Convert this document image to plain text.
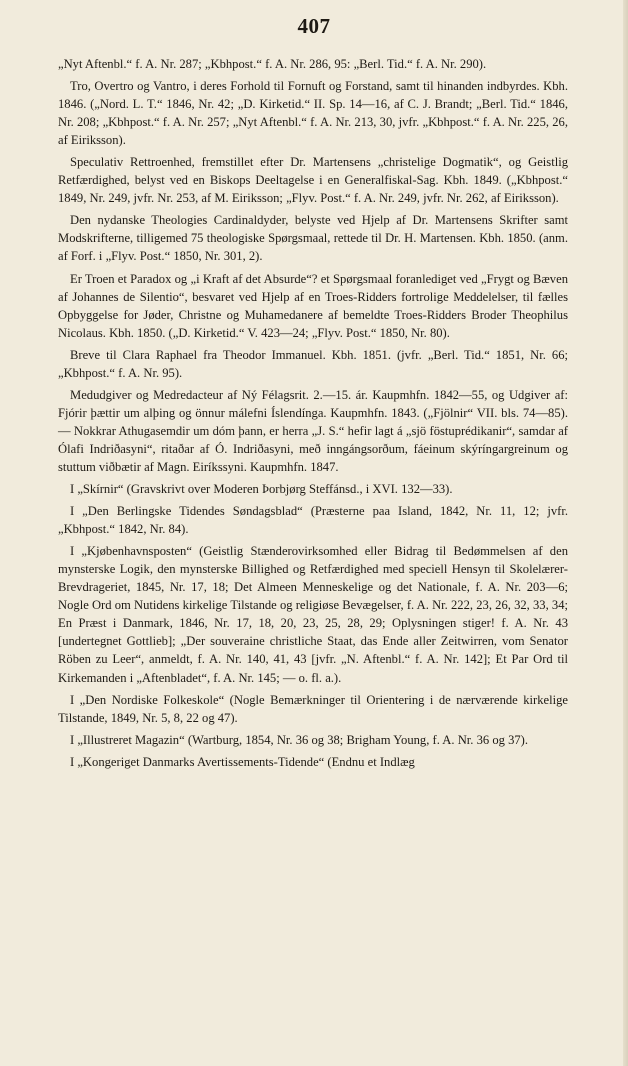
407

„Nyt Aftenbl.“ f. A. Nr. 287; „Kbhpost.“ f. A. Nr. 286, 95: „Berl. Tid.“ f. A. Nr. 290).

Tro, Overtro og Vantro, i deres Forhold til Fornuft og Forstand, samt til hinanden indbyrdes. Kbh. 1846. („Nord. L. T.“ 1846, Nr. 42; „D. Kirketid.“ II. Sp. 14—16, af C. J. Brandt; „Berl. Tid.“ 1846, Nr. 208; „Kbhpost.“ f. A. Nr. 257; „Nyt Aftenbl.“ f. A. Nr. 213, 30, jvfr. „Kbhpost.“ f. A. Nr. 225, 26, af Eiriksson).

Speculativ Rettroenhed, fremstillet efter Dr. Martensens „christelige Dogmatik“, og Geistlig Retfærdighed, belyst ved en Biskops Deeltagelse i en Generalfiskal-Sag. Kbh. 1849. („Kbhpost.“ 1849, Nr. 249, jvfr. Nr. 253, af M. Eiriksson; „Flyv. Post.“ f. A. Nr. 249, jvfr. Nr. 262, af Eiriksson).

Den nydanske Theologies Cardinaldyder, belyste ved Hjelp af Dr. Martensens Skrifter samt Modskrifterne, tilligemed 75 theologiske Spørgsmaal, rettede til Dr. H. Martensen. Kbh. 1850. (anm. af Forf. i „Flyv. Post.“ 1850, Nr. 301, 2).

Er Troen et Paradox og „i Kraft af det Absurde“? et Spørgsmaal foranlediget ved „Frygt og Bæven af Johannes de Silentio“, besvaret ved Hjelp af en Troes-Ridders fortrolige Meddelelser, til fælles Opbyggelse for Jøder, Christne og Muhamedanere af bemeldte Troes-Ridders Broder Theophilus Nicolaus. Kbh. 1850. („D. Kirketid.“ V. 423—24; „Flyv. Post.“ 1850, Nr. 80).

Breve til Clara Raphael fra Theodor Immanuel. Kbh. 1851. (jvfr. „Berl. Tid.“ 1851, Nr. 66; „Kbhpost.“ f. A. Nr. 95).

Medudgiver og Medredacteur af Ný Félagsrit. 2.—15. ár. Kaupmhfn. 1842—55, og Udgiver af: Fjórir þættir um alþing og önnur málefni Íslendínga. Kaupmhfn. 1843. („Fjölnir“ VII. bls. 74—85). — Nokkrar Athugasemdir um dóm þann, er herra „J. S.“ hefir lagt á „sjö föstuprédikanir“, samdar af Ólafi Indriðasyni“, ritaðar af Ó. Indriðasyni, með inngángsorðum, fáeinum skýríngargreinum og stuttum viðbætir af Magn. Eiríkssyni. Kaupmhfn. 1847.

I „Skírnir“ (Gravskrivt over Moderen Þorbjørg Steffánsd., i XVI. 132—33).

I „Den Berlingske Tidendes Søndagsblad“ (Præsterne paa Island, 1842, Nr. 11, 12; jvfr. „Kbhpost.“ 1842, Nr. 84).

I „Kjøbenhavnsposten“ (Geistlig Stænderovirksomhed eller Bidrag til Bedømmelsen af den mynsterske Logik, den mynsterske Billighed og Retfærdighed med speciell Hensyn til Skolelærer-Brevdrageriet, 1845, Nr. 17, 18; Det Almeen Menneskelige og det Nationale, f. A. Nr. 203—6; Nogle Ord om Nutidens kirkelige Tilstande og religiøse Bevægelser, f. A. Nr. 222, 23, 26, 32, 33, 34; En Præst i Danmark, 1846, Nr. 17, 18, 20, 23, 25, 28, 29; Oplysningen stiger! f. A. Nr. 43 [undertegnet Gottlieb]; „Der souveraine christliche Staat, das Ende aller Zeitwirren, vom Senator Röben zu Leer“, anmeldt, f. A. Nr. 140, 41, 43 [jvfr. „N. Aftenbl.“ f. A. Nr. 142]; Et Par Ord til Kirkemanden i „Aftenbladet“, f. A. Nr. 145; — o. fl. a.).

I „Den Nordiske Folkeskole“ (Nogle Bemærkninger til Orientering i de nærværende kirkelige Tilstande, 1849, Nr. 5, 8, 22 og 47).

I „Illustreret Magazin“ (Wartburg, 1854, Nr. 36 og 38; Brigham Young, f. A. Nr. 36 og 37).

I „Kongeriget Danmarks Avertissements-Tidende“ (Endnu et Indlæg
